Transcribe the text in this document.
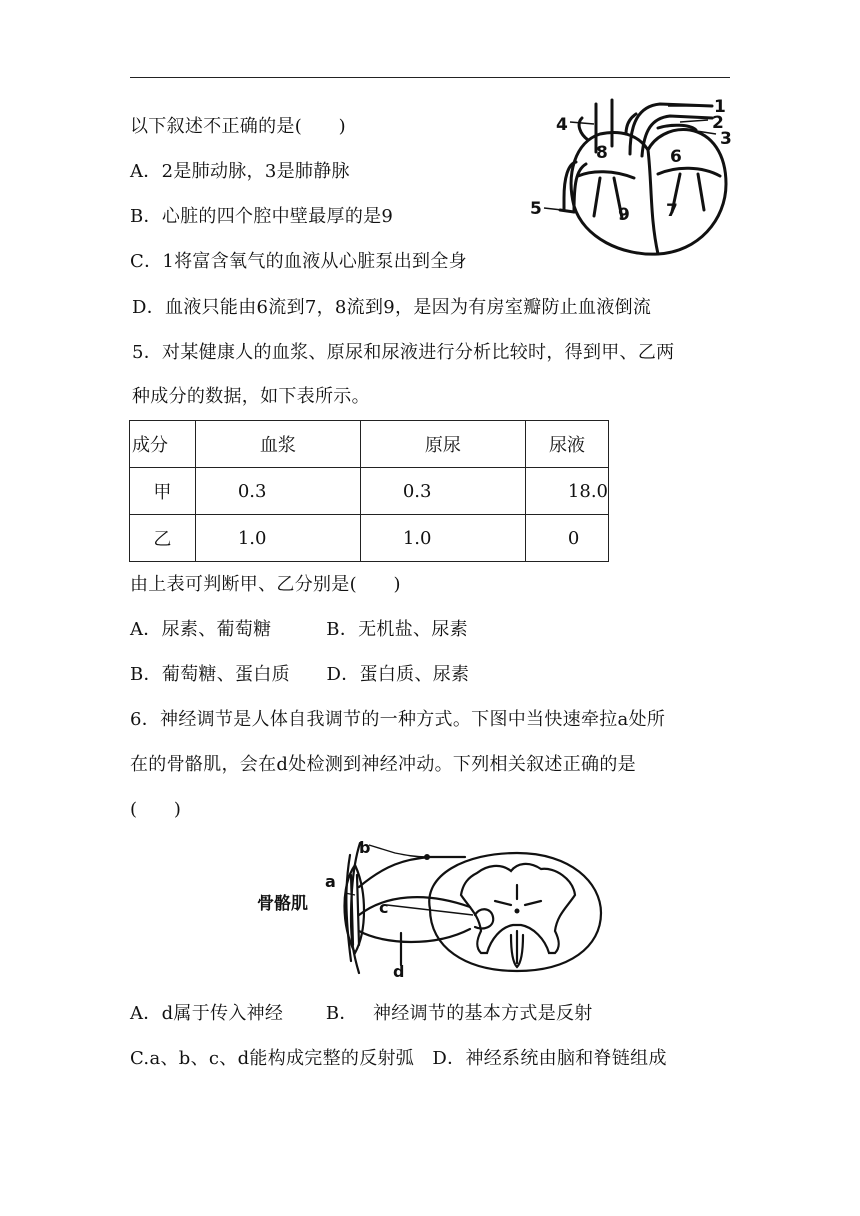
以下叙述不正确的是(　　)
A．2是肺动脉，3是肺静脉
B．心脏的四个腔中壁最厚的是9
C．1将富含氧气的血液从心脏泵出到全身
D．血液只能由6流到7，8流到9，是因为有房室瓣防止血液倒流
1
2
3
4
5
6
7
8
9
5．对某健康人的血浆、原尿和尿液进行分析比较时，得到甲、乙两
种成分的数据，如下表所示。
成分	血浆	原尿	尿液
甲	0.3	0.3	18.0
乙	1.0	1.0	0
由上表可判断甲、乙分别是(　　)
A．尿素、葡萄糖　　　B．无机盐、尿素
B．葡萄糖、蛋白质　　D．蛋白质、尿素
6．神经调节是人体自我调节的一种方式。下图中当快速牵拉a处所
在的骨骼肌，会在d处检测到神经冲动。下列相关叙述正确的是
(　　)
b
a
c
d
骨骼肌
A．d属于传入神经　　 B．　 神经调节的基本方式是反射
C.a、b、c、d能构成完整的反射弧　D．神经系统由脑和脊链组成
